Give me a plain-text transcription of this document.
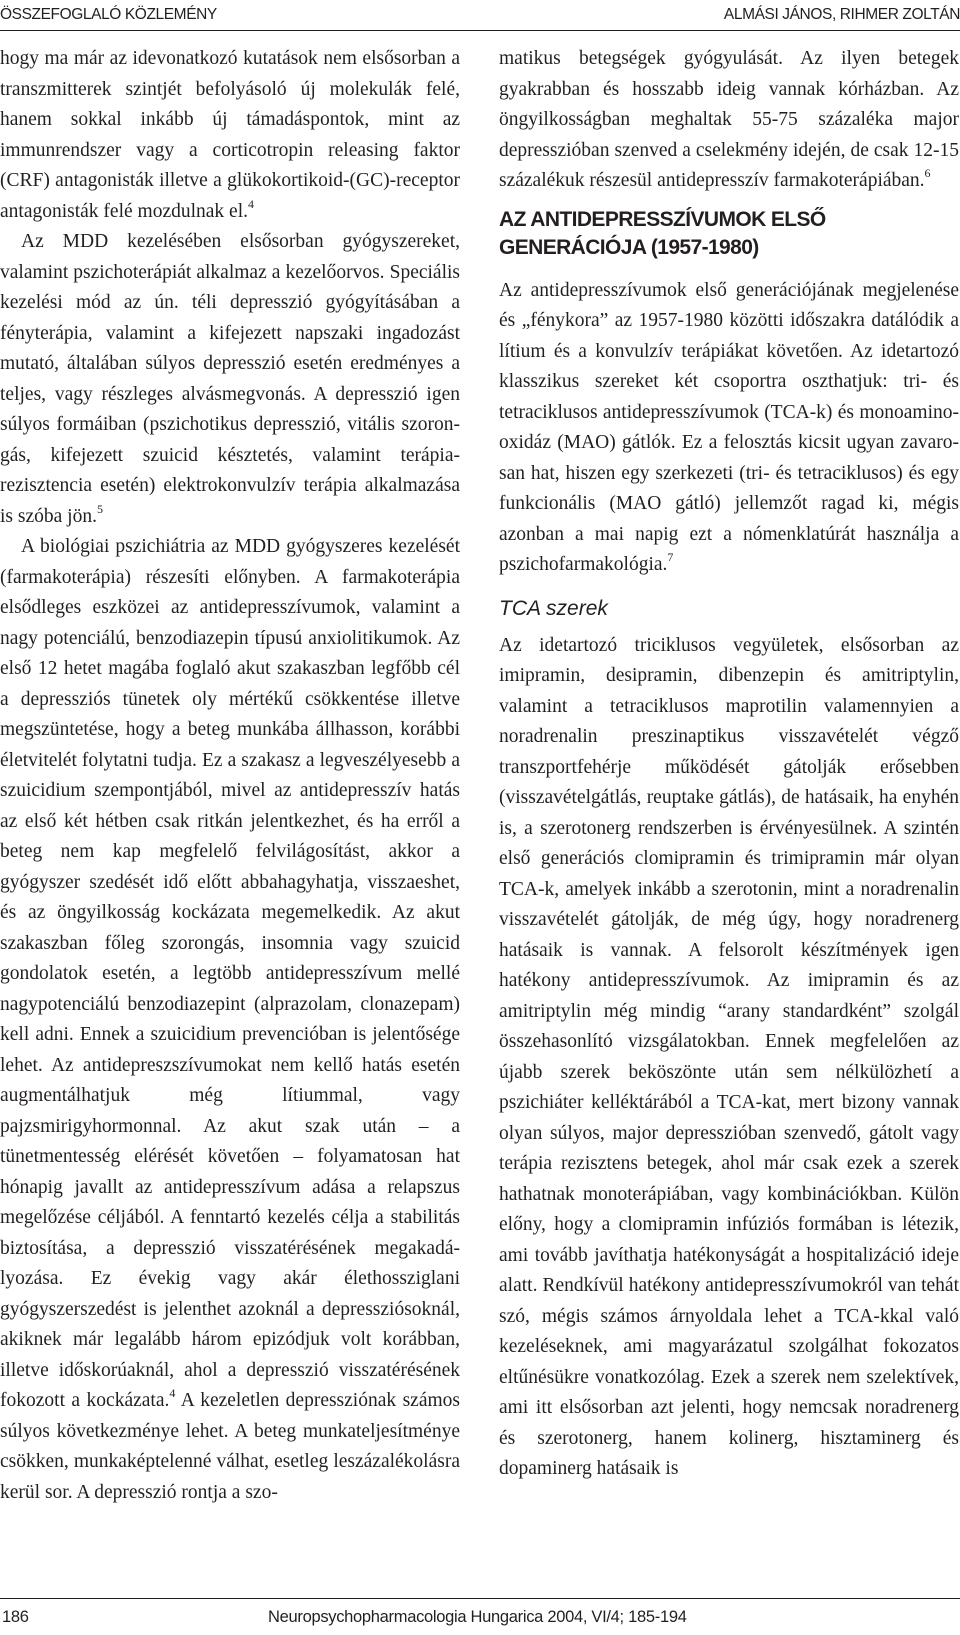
ÖSSZEFOGLALÓ KÖZLEMÉNY	ALMÁSI JÁNOS, RIHMER ZOLTÁN

hogy ma már az idevonatkozó kutatások nem elsősorban a transzmitterek szintjét befolyásoló új molekulák felé, hanem sokkal inkább új támadáspontok, mint az immunrendszer vagy a corticotropin releasing faktor (CRF) antagonisták illetve a glükokortikoid-(GC)-receptor antagonisták felé mozdulnak el.$^4$

Az MDD kezelésében elsősorban gyógyszereket, valamint pszichoterápiát alkalmaz a kezelőorvos. Speciális kezelési mód az ún. téli depresszió gyógyításában a fényterápia, valamint a kifejezett napszaki ingadozást mutató, általában súlyos depresszió esetén eredményes a teljes, vagy részleges alvásmegvonás. A depresszió igen súlyos formáiban (pszichotikus depresszió, vitális szorongás, kifejezett szuicid késztetés, valamint terápiarezisztencia esetén) elektrokonvulzív terápia alkalmazása is szóba jön.$^5$

A biológiai pszichiátria az MDD gyógyszeres kezelését (farmakoterápia) részesíti előnyben. A farmakoterápia elsődleges eszközei az antidepresszívumok, valamint a nagy potenciálú, benzodiazepin típusú anxiolitikumok. Az első 12 hetet magába foglaló akut szakaszban legfőbb cél a depressziós tünetek oly mértékű csökkentése illetve megszüntetése, hogy a beteg munkába állhasson, korábbi életvitelét folytatni tudja. Ez a szakasz a legveszélyesebb a szuicidium szempontjából, mivel az antidepresszív hatás az első két hétben csak ritkán jelentkezhet, és ha erről a beteg nem kap megfelelő felvilágosítást, akkor a gyógyszer szedését idő előtt abbahagyhatja, visszaeshet, és az öngyilkosság kockázata megemelkedik. Az akut szakaszban főleg szorongás, insomnia vagy szuicid gondolatok esetén, a legtöbb antidepresszívum mellé nagypotenciálú benzodiazepint (alprazolam, clonazepam) kell adni. Ennek a szuicidium prevencióban is jelentősége lehet. Az antidepreszszívumokat nem kellő hatás esetén augmentálhatjuk még lítiummal, vagy pajzsmirigyhormonnal. Az akut szak után – a tünetmentesség elérését követően – folyamatosan hat hónapig javallt az antidepresszívum adása a relapszus megelőzése céljából. A fenntartó kezelés célja a stabilitás biztosítása, a depresszió visszatérésének megakadályozása. Ez évekig vagy akár élethossziglani gyógyszerszedést is jelenthet azoknál a depressziósoknál, akiknek már legalább három epizódjuk volt korábban, illetve időskorúaknál, ahol a depresszió visszatérésének fokozott a kockázata.$^4$ A kezeletlen depressziónak számos súlyos következménye lehet. A beteg munkateljesítménye csökken, munkaképtelenné válhat, esetleg leszázalékolásra kerül sor. A depresszió rontja a szo-

matikus betegségek gyógyulását. Az ilyen betegek gyakrabban és hosszabb ideig vannak kórházban. Az öngyilkosságban meghaltak 55-75 százaléka major depresszióban szenved a cselekmény idején, de csak 12-15 százalékuk részesül antidepresszív farmakoterápiában.$^6$

AZ ANTIDEPRESSZÍVUMOK ELSŐ GENERÁCIÓJA (1957-1980)

Az antidepresszívumok első generációjának megjelenése és „fénykora” az 1957-1980 közötti időszakra datálódik a lítium és a konvulzív terápiákat követően. Az idetartozó klasszikus szereket két csoportra oszthatjuk: tri- és tetraciklusos antidepresszívumok (TCA-k) és monoamino-oxidáz (MAO) gátlók. Ez a felosztás kicsit ugyan zavarosan hat, hiszen egy szerkezeti (tri- és tetraciklusos) és egy funkcionális (MAO gátló) jellemzőt ragad ki, mégis azonban a mai napig ezt a nómenklatúrát használja a pszichofarmakológia.$^7$

TCA szerek

Az idetartozó triciklusos vegyületek, elsősorban az imipramin, desipramin, dibenzepin és amitriptylin, valamint a tetraciklusos maprotilin valamennyien a noradrenalin preszinaptikus visszavételét végző transzportfehérje működését gátolják erősebben (visszavételgátlás, reuptake gátlás), de hatásaik, ha enyhén is, a szerotonerg rendszerben is érvényesülnek. A szintén első generációs clomipramin és trimipramin már olyan TCA-k, amelyek inkább a szerotonin, mint a noradrenalin visszavételét gátolják, de még úgy, hogy noradrenerg hatásaik is vannak. A felsorolt készítmények igen hatékony antidepresszívumok. Az imipramin és az amitriptylin még mindig “arany standardként” szolgál összehasonlító vizsgálatokban. Ennek megfelelően az újabb szerek beköszönte után sem nélkülözhetí a pszichiáter kelléktárából a TCA-kat, mert bizony vannak olyan súlyos, major depresszióban szenvedő, gátolt vagy terápia rezisztens betegek, ahol már csak ezek a szerek hathatnak monoterápiában, vagy kombinációkban. Külön előny, hogy a clomipramin infúziós formában is létezik, ami tovább javíthatja hatékonyságát a hospitalizáció ideje alatt. Rendkívül hatékony antidepresszívumokról van tehát szó, mégis számos árnyoldala lehet a TCA-kkal való kezeléseknek, ami magyarázatul szolgálhat fokozatos eltűnésükre vonatkozólag. Ezek a szerek nem szelektívek, ami itt elsősorban azt jelenti, hogy nemcsak noradrenerg és szerotonerg, hanem kolinerg, hisztaminerg és dopaminerg hatásaik is

186	Neuropsychopharmacologia Hungarica 2004, VI/4; 185-194
